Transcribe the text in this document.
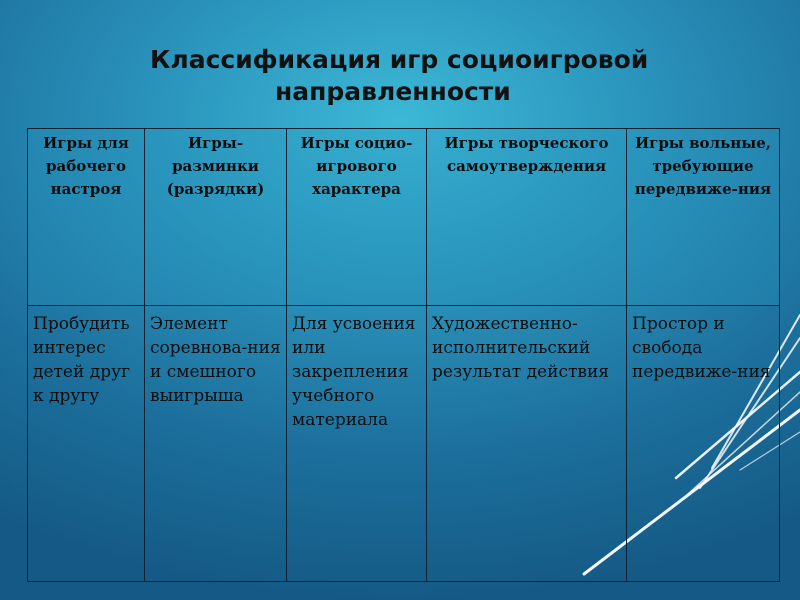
Классификация игр социоигровой
направленности
Игры для рабочего настроя	Игры-разминки (разрядки)	Игры социо-игрового характера	Игры творческого самоутверждения	Игры вольные, требующие передвиже-ния
Пробудить интерес детей друг к другу	Элемент соревнова-ния и смешного выигрыша	Для усвоения или закрепления учебного материала	Художественно-исполнительский результат действия	Простор и свобода передвиже-ния
